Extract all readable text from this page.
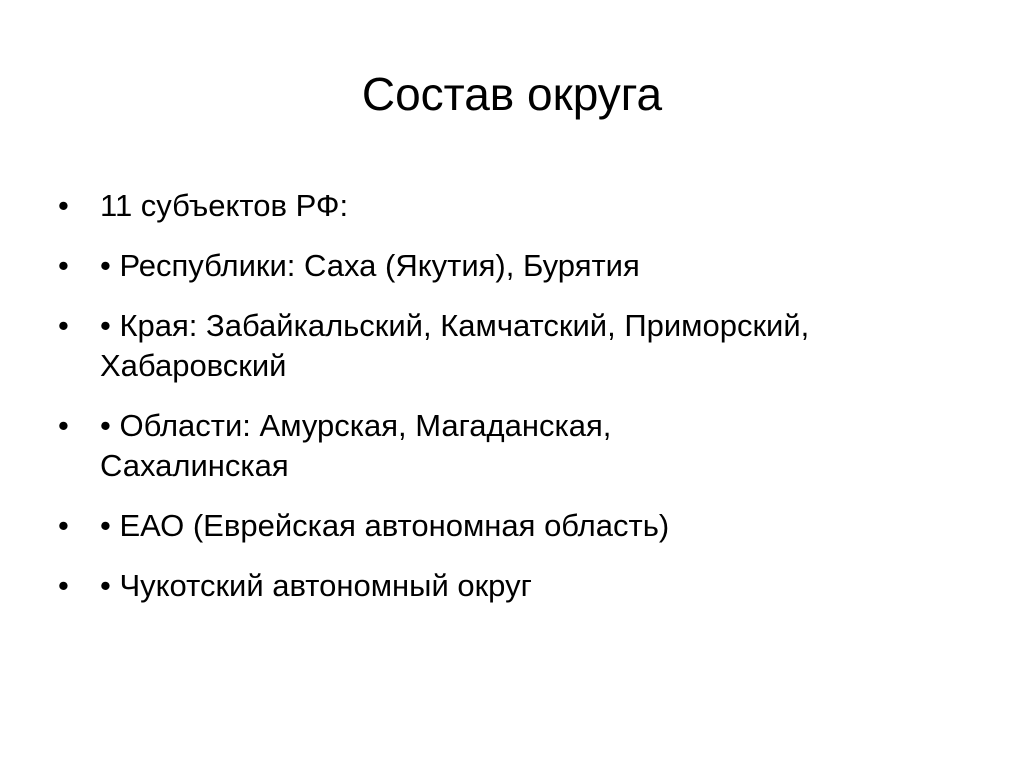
Состав округа
• 11 субъектов РФ:
• • Республики: Саха (Якутия), Бурятия
• • Края: Забайкальский, Камчатский, Приморский, Хабаровский
• • Области: Амурская, Магаданская, Сахалинская
• • ЕАО (Еврейская автономная область)
• • Чукотский автономный округ
